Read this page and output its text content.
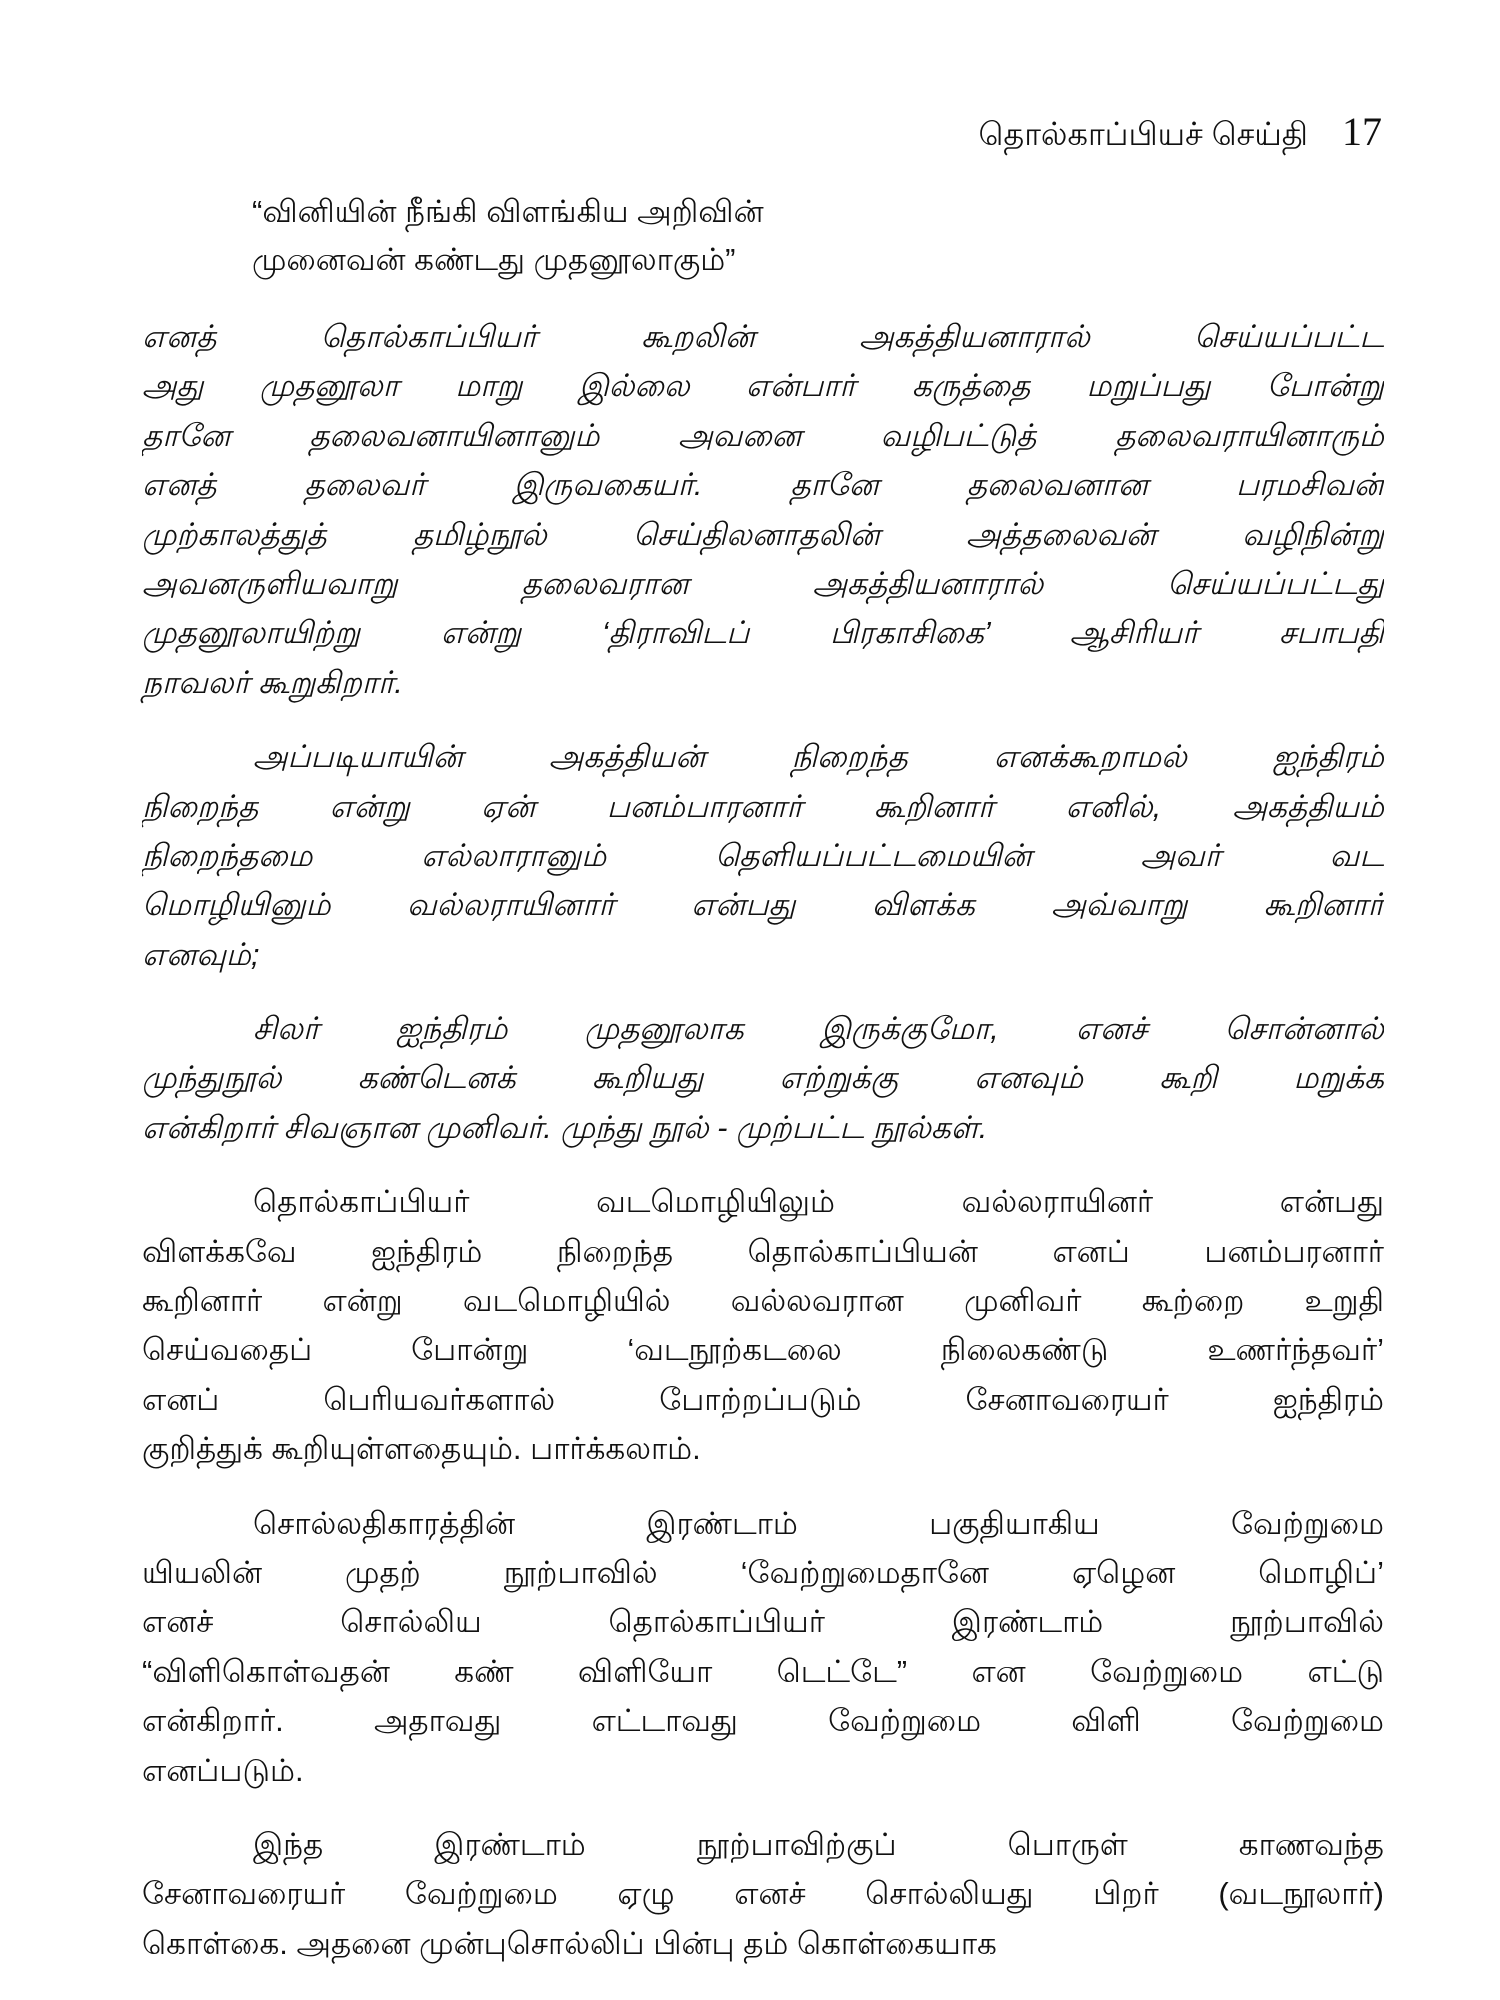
தொல்காப்பியச் செய்தி 17
“வினியின் நீங்கி விளங்கிய அறிவின்
முனைவன் கண்டது முதனூலாகும்”
எனத் தொல்காப்பியர் கூறலின் அகத்தியனாரால் செய்யப்பட்ட
அது முதனூலா மாறு இல்லை என்பார் கருத்தை மறுப்பது போன்று
தானே தலைவனாயினானும் அவனை வழிபட்டுத் தலைவராயினாரும்
எனத் தலைவர் இருவகையர். தானே தலைவனான பரமசிவன்
முற்காலத்துத் தமிழ்நூல் செய்திலனாதலின் அத்தலைவன் வழிநின்று
அவனருளியவாறு தலைவரான அகத்தியனாரால் செய்யப்பட்டது
முதனூலாயிற்று என்று ‘திராவிடப் பிரகாசிகை’ ஆசிரியர் சபாபதி
நாவலர் கூறுகிறார்.
அப்படியாயின் அகத்தியன் நிறைந்த எனக்கூறாமல் ஐந்திரம்
நிறைந்த என்று ஏன் பனம்பாரனார் கூறினார் எனில், அகத்தியம்
நிறைந்தமை எல்லாரானும் தெளியப்பட்டமையின் அவர் வட
மொழியினும் வல்லராயினார் என்பது விளக்க அவ்வாறு கூறினார்
எனவும்;
சிலர் ஐந்திரம் முதனூலாக இருக்குமோ, எனச் சொன்னால்
முந்துநூல் கண்டெனக் கூறியது எற்றுக்கு எனவும் கூறி மறுக்க
என்கிறார் சிவஞான முனிவர். முந்து நூல் - முற்பட்ட நூல்கள்.
தொல்காப்பியர் வடமொழியிலும் வல்லராயினர் என்பது
விளக்கவே ஐந்திரம் நிறைந்த தொல்காப்பியன் எனப் பனம்பரனார்
கூறினார் என்று வடமொழியில் வல்லவரான முனிவர் கூற்றை உறுதி
செய்வதைப் போன்று ‘வடநூற்கடலை நிலைகண்டு உணர்ந்தவர்’
எனப் பெரியவர்களால் போற்றப்படும் சேனாவரையர் ஐந்திரம்
குறித்துக் கூறியுள்ளதையும். பார்க்கலாம்.
சொல்லதிகாரத்தின் இரண்டாம் பகுதியாகிய வேற்றுமை
யியலின் முதற் நூற்பாவில் ‘வேற்றுமைதானே ஏழென மொழிப்’
எனச் சொல்லிய தொல்காப்பியர் இரண்டாம் நூற்பாவில்
“விளிகொள்வதன் கண் விளியோ டெட்டே” என வேற்றுமை எட்டு
என்கிறார். அதாவது எட்டாவது வேற்றுமை விளி வேற்றுமை
எனப்படும்.
இந்த இரண்டாம் நூற்பாவிற்குப் பொருள் காணவந்த
சேனாவரையர் வேற்றுமை ஏழு எனச் சொல்லியது பிறர் (வடநூலார்)
கொள்கை. அதனை முன்புசொல்லிப் பின்பு தம் கொள்கையாக
